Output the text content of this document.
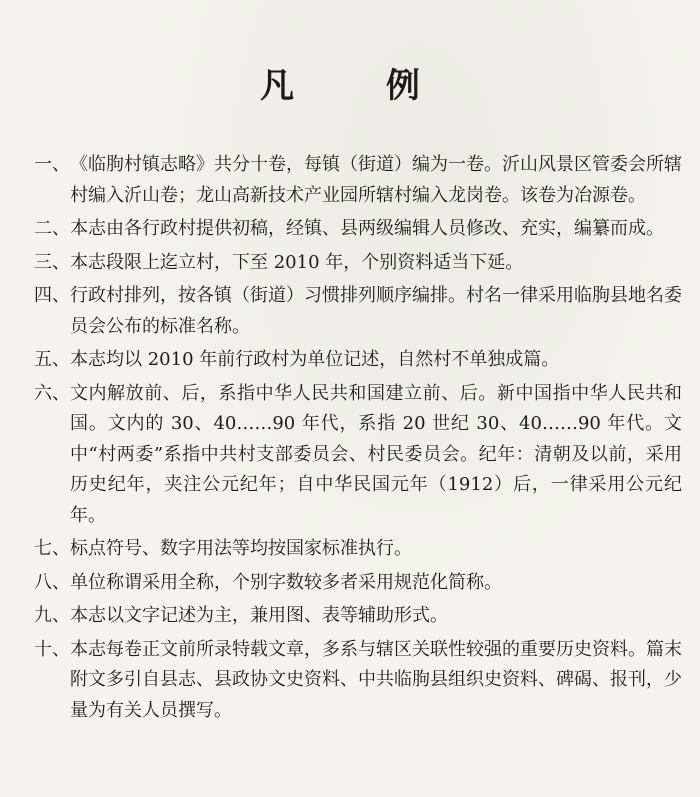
凡 例
一、 《临朐村镇志略》共分十卷，每镇（街道）编为一卷。沂山风景区管委会所辖村编入沂山卷；龙山高新技术产业园所辖村编入龙岗卷。该卷为冶源卷。
二、 本志由各行政村提供初稿，经镇、县两级编辑人员修改、充实，编纂而成。
三、 本志段限上迄立村，下至 2010 年，个别资料适当下延。
四、 行政村排列，按各镇（街道）习惯排列顺序编排。村名一律采用临朐县地名委员会公布的标准名称。
五、 本志均以 2010 年前行政村为单位记述，自然村不单独成篇。
六、 文内解放前、后，系指中华人民共和国建立前、后。新中国指中华人民共和国。文内的 30、40……90 年代，系指 20 世纪 30、40……90 年代。文中“村两委”系指中共村支部委员会、村民委员会。纪年：清朝及以前，采用历史纪年，夹注公元纪年；自中华民国元年（1912）后，一律采用公元纪年。
七、 标点符号、数字用法等均按国家标准执行。
八、 单位称谓采用全称，个别字数较多者采用规范化简称。
九、 本志以文字记述为主，兼用图、表等辅助形式。
十、 本志每卷正文前所录特载文章，多系与辖区关联性较强的重要历史资料。篇末附文多引自县志、县政协文史资料、中共临朐县组织史资料、碑碣、报刊，少量为有关人员撰写。
